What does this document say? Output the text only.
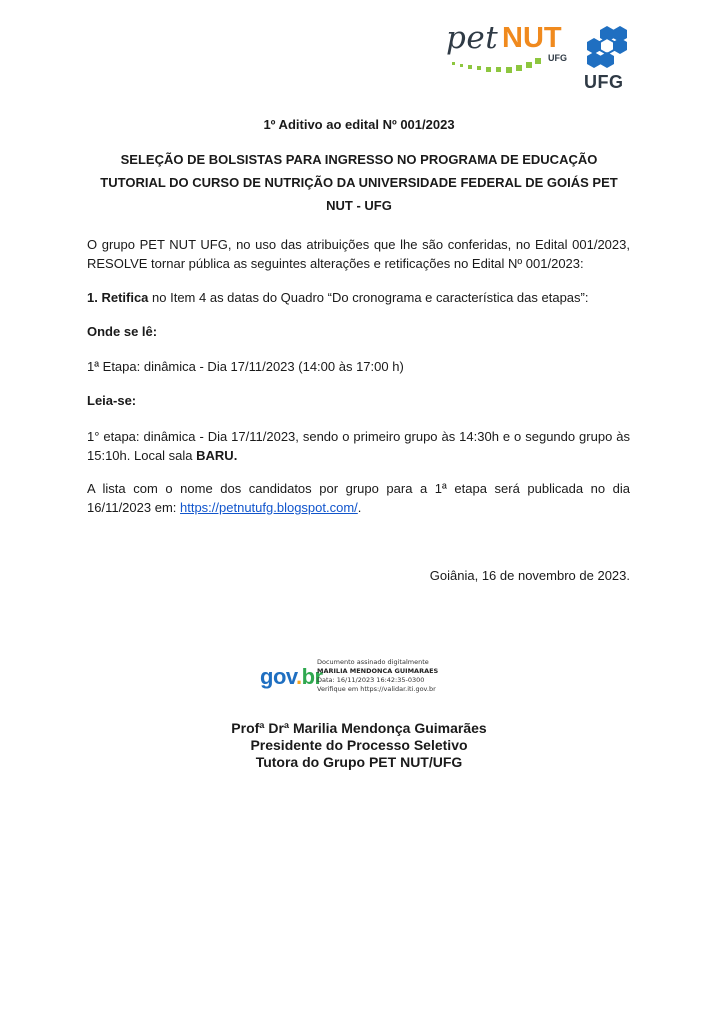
pet NUT
UFG
UFG
1º Aditivo ao edital Nº 001/2023
SELEÇÃO DE BOLSISTAS PARA INGRESSO NO PROGRAMA DE EDUCAÇÃO TUTORIAL DO CURSO DE NUTRIÇÃO DA UNIVERSIDADE FEDERAL DE GOIÁS PET NUT - UFG
O grupo PET NUT UFG, no uso das atribuições que lhe são conferidas, no Edital 001/2023, RESOLVE tornar pública as seguintes alterações e retificações no Edital Nº 001/2023:
1. Retifica no Item 4 as datas do Quadro “Do cronograma e característica das etapas”:
Onde se lê:
1ª Etapa: dinâmica - Dia 17/11/2023 (14:00 às 17:00 h)
Leia-se:
1° etapa: dinâmica - Dia 17/11/2023, sendo o primeiro grupo às 14:30h e o segundo grupo às 15:10h. Local sala BARU.
A lista com o nome dos candidatos por grupo para a 1ª etapa será publicada no dia 16/11/2023 em: https://petnutufg.blogspot.com/.
Goiânia, 16 de novembro de 2023.
gov.br
Documento assinado digitalmente
MARILIA MENDONCA GUIMARAES
Data: 16/11/2023 16:42:35-0300
Verifique em https://validar.iti.gov.br
Profª Drª Marilia Mendonça Guimarães
Presidente do Processo Seletivo
Tutora do Grupo PET NUT/UFG
